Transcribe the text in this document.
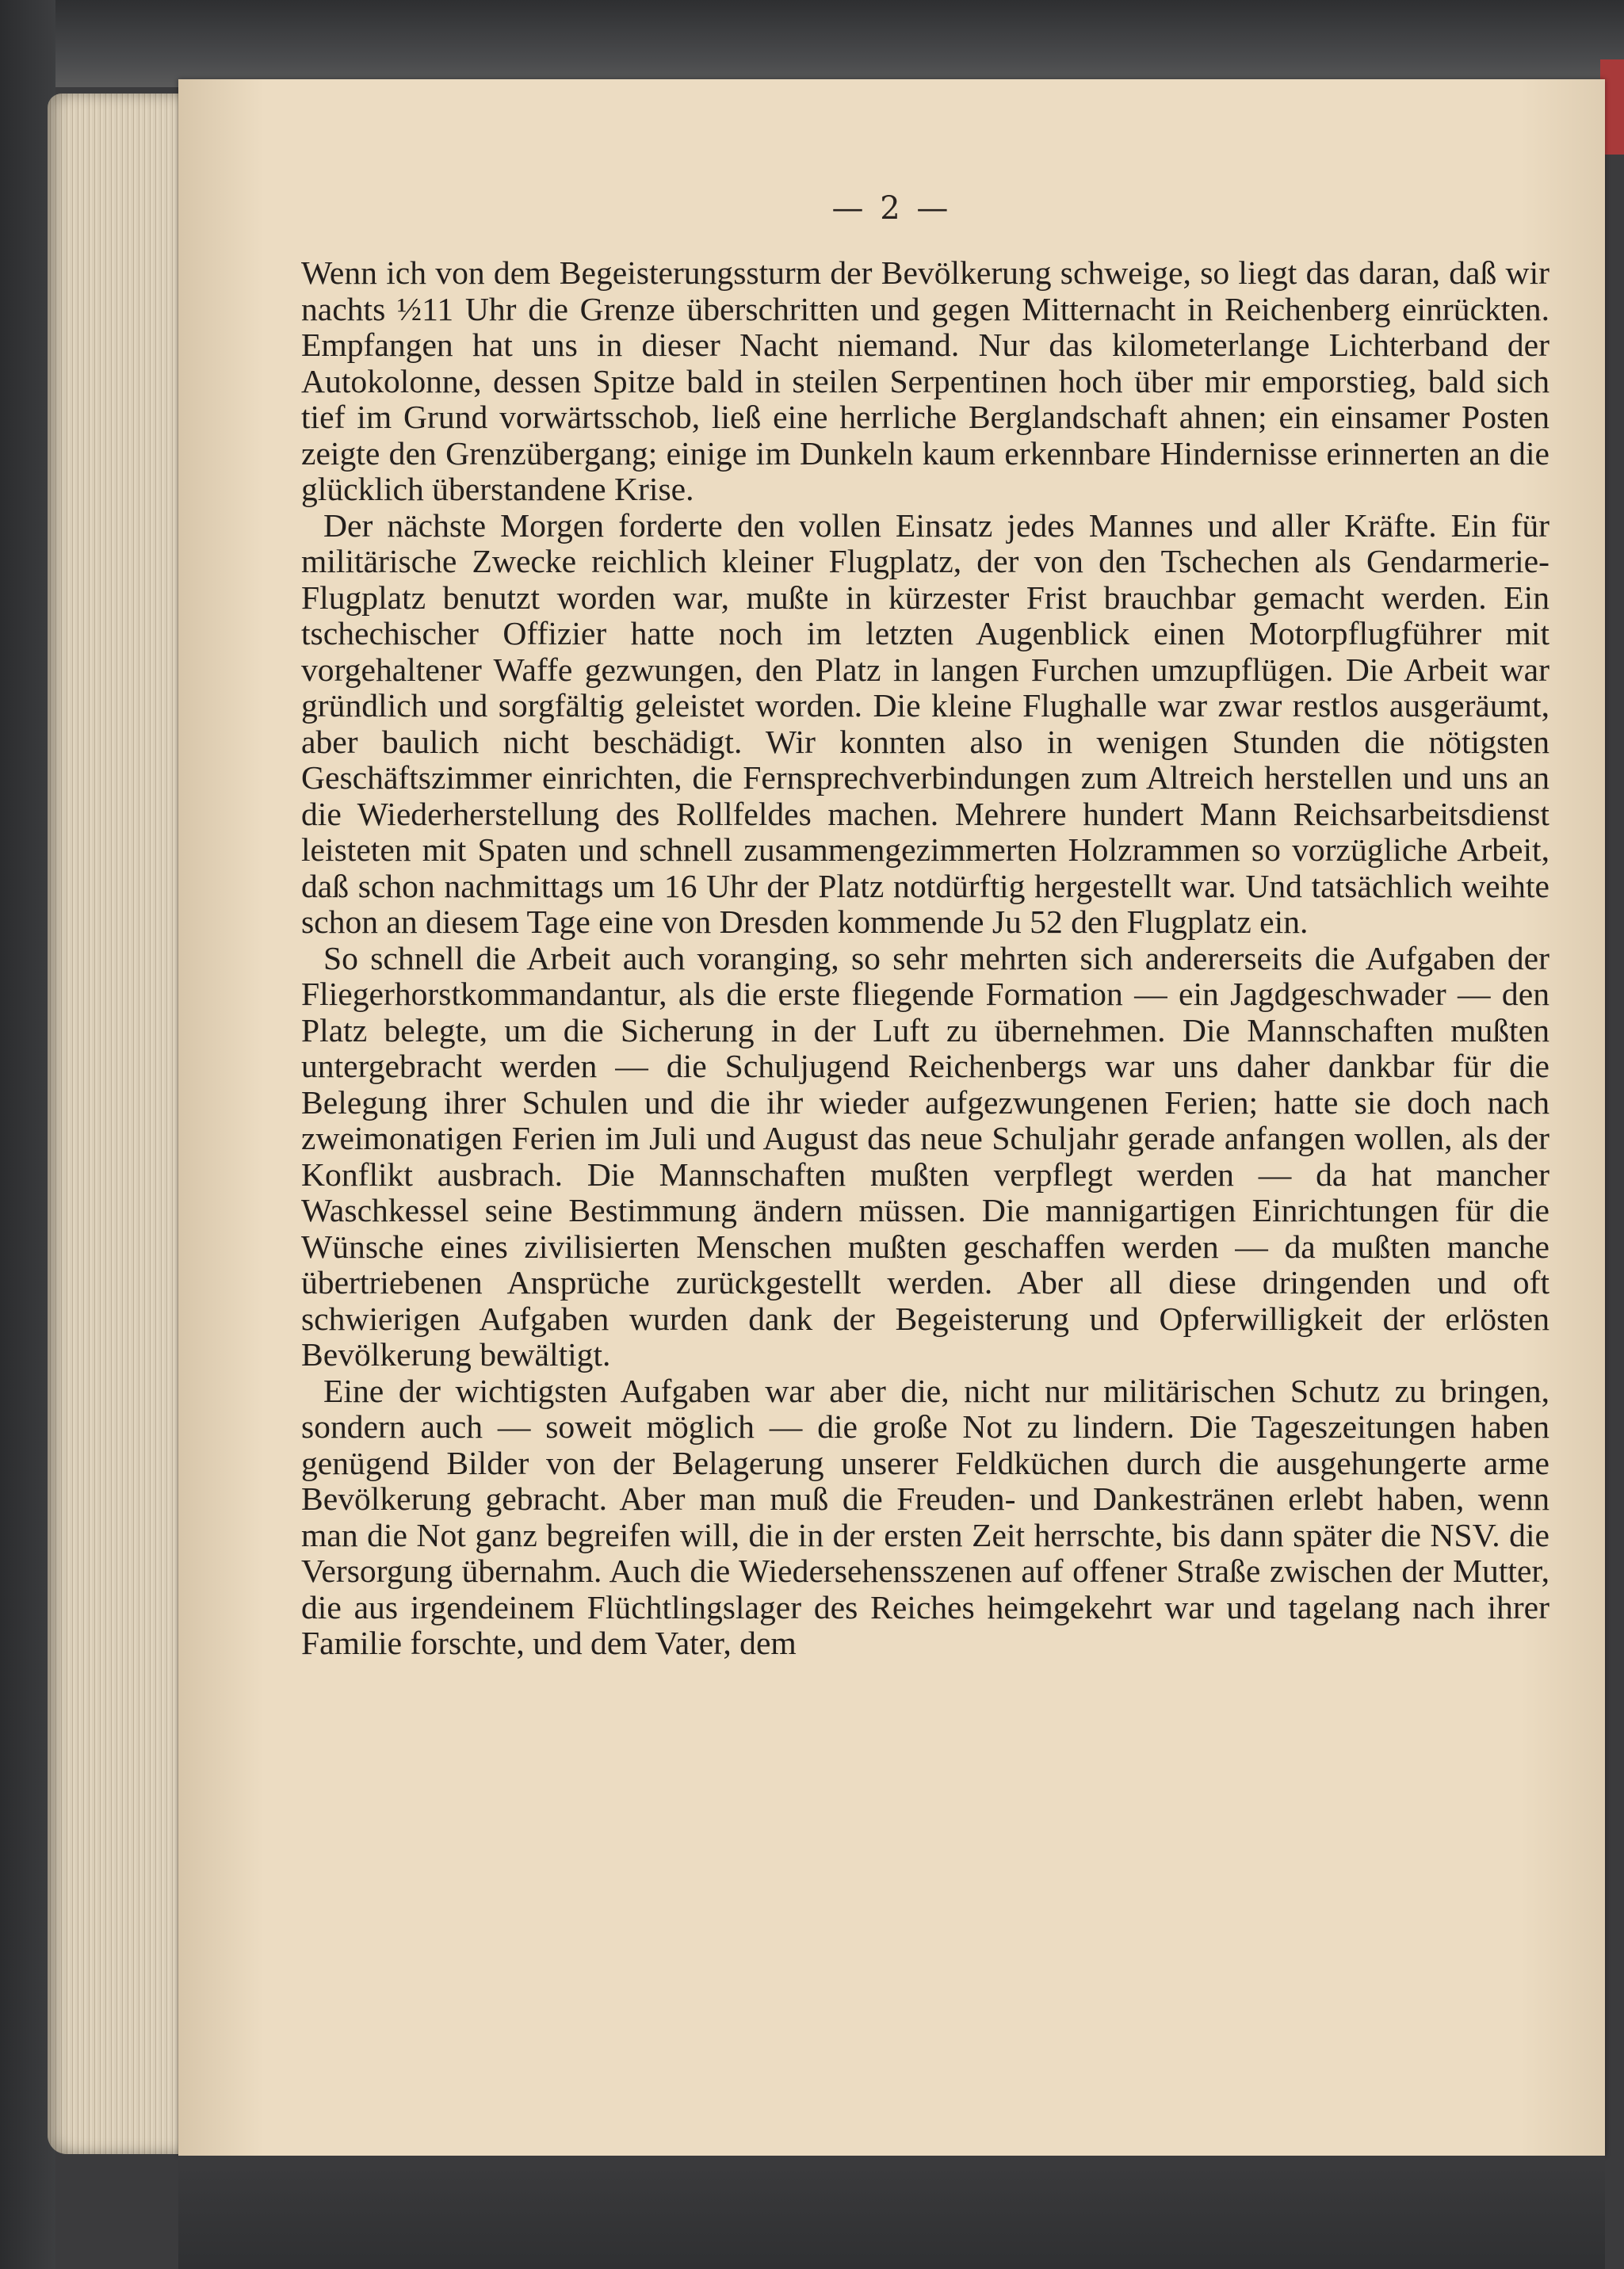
— 2 —

Wenn ich von dem Begeisterungssturm der Bevölkerung schweige, so liegt das daran, daß wir nachts ½11 Uhr die Grenze überschritten und gegen Mitternacht in Reichenberg einrückten. Empfangen hat uns in dieser Nacht niemand. Nur das kilometerlange Lichterband der Autokolonne, dessen Spitze bald in steilen Serpentinen hoch über mir emporstieg, bald sich tief im Grund vorwärtsschob, ließ eine herrliche Berglandschaft ahnen; ein einsamer Posten zeigte den Grenzübergang; einige im Dunkeln kaum erkennbare Hindernisse erinnerten an die glücklich überstandene Krise.

Der nächste Morgen forderte den vollen Einsatz jedes Mannes und aller Kräfte. Ein für militärische Zwecke reichlich kleiner Flugplatz, der von den Tschechen als Gendarmerie-Flugplatz benutzt worden war, mußte in kürzester Frist brauchbar gemacht werden. Ein tschechischer Offizier hatte noch im letzten Augenblick einen Motorpflugführer mit vorgehaltener Waffe gezwungen, den Platz in langen Furchen umzupflügen. Die Arbeit war gründlich und sorgfältig geleistet worden. Die kleine Flughalle war zwar restlos ausgeräumt, aber baulich nicht beschädigt. Wir konnten also in wenigen Stunden die nötigsten Geschäftszimmer einrichten, die Fernsprechverbindungen zum Altreich herstellen und uns an die Wiederherstellung des Rollfeldes machen. Mehrere hundert Mann Reichsarbeitsdienst leisteten mit Spaten und schnell zusammengezimmerten Holzrammen so vorzügliche Arbeit, daß schon nachmittags um 16 Uhr der Platz notdürftig hergestellt war. Und tatsächlich weihte schon an diesem Tage eine von Dresden kommende Ju 52 den Flugplatz ein.

So schnell die Arbeit auch voranging, so sehr mehrten sich andererseits die Aufgaben der Fliegerhorstkommandantur, als die erste fliegende Formation — ein Jagdgeschwader — den Platz belegte, um die Sicherung in der Luft zu übernehmen. Die Mannschaften mußten untergebracht werden — die Schuljugend Reichenbergs war uns daher dankbar für die Belegung ihrer Schulen und die ihr wieder aufgezwungenen Ferien; hatte sie doch nach zweimonatigen Ferien im Juli und August das neue Schuljahr gerade anfangen wollen, als der Konflikt ausbrach. Die Mannschaften mußten verpflegt werden — da hat mancher Waschkessel seine Bestimmung ändern müssen. Die mannigartigen Einrichtungen für die Wünsche eines zivilisierten Menschen mußten geschaffen werden — da mußten manche übertriebenen Ansprüche zurückgestellt werden. Aber all diese dringenden und oft schwierigen Aufgaben wurden dank der Begeisterung und Opferwilligkeit der erlösten Bevölkerung bewältigt.

Eine der wichtigsten Aufgaben war aber die, nicht nur militärischen Schutz zu bringen, sondern auch — soweit möglich — die große Not zu lindern. Die Tageszeitungen haben genügend Bilder von der Belagerung unserer Feldküchen durch die ausgehungerte arme Bevölkerung gebracht. Aber man muß die Freuden- und Dankestränen erlebt haben, wenn man die Not ganz begreifen will, die in der ersten Zeit herrschte, bis dann später die NSV. die Versorgung übernahm. Auch die Wiedersehensszenen auf offener Straße zwischen der Mutter, die aus irgendeinem Flüchtlingslager des Reiches heimgekehrt war und tagelang nach ihrer Familie forschte, und dem Vater, dem
